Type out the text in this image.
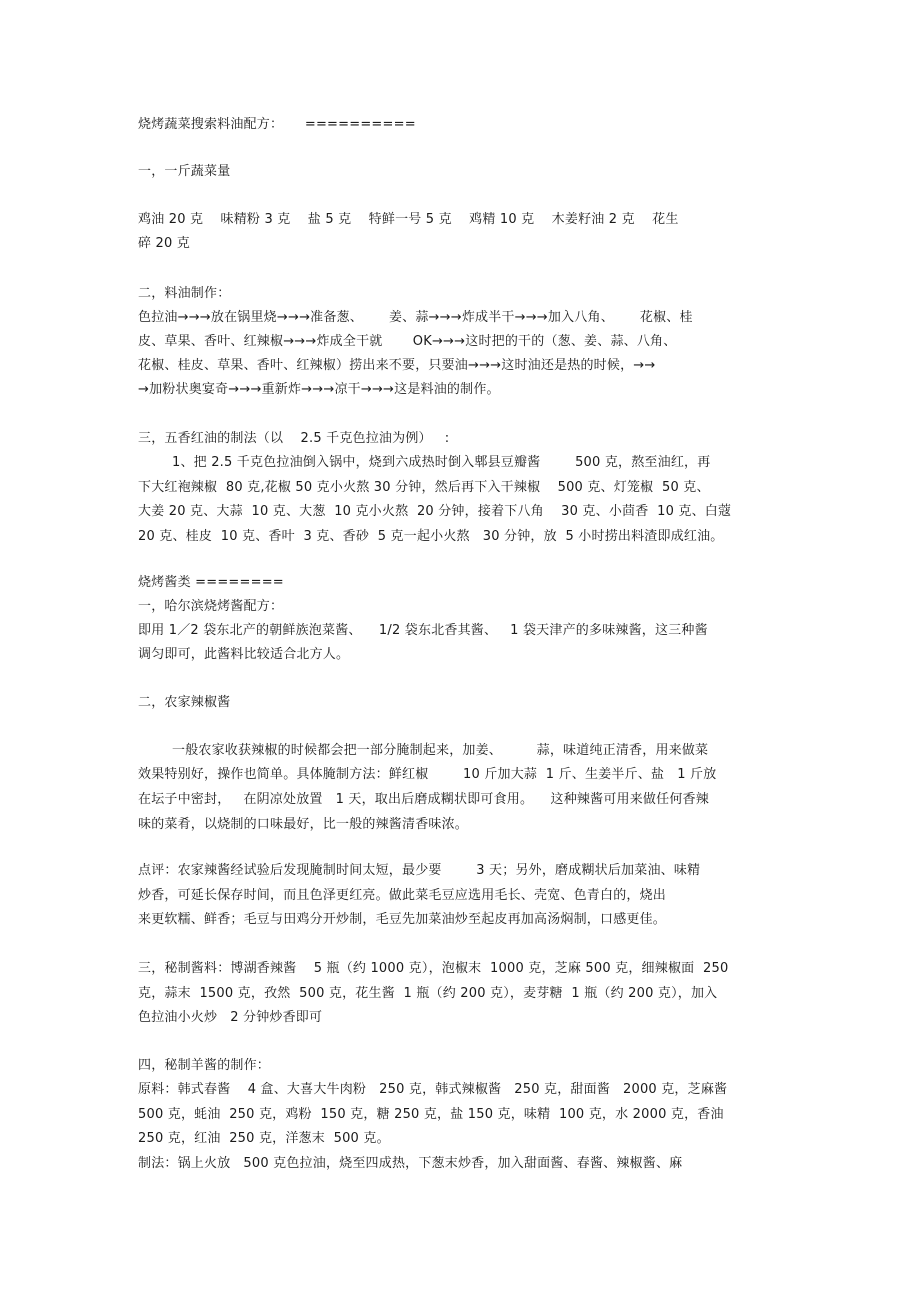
烧烤蔬菜搜索料油配方：     ==========
一，一斤蔬菜量
鸡油 20 克    味精粉 3 克    盐 5 克    特鲜一号 5 克    鸡精 10 克    木姜籽油 2 克    花生
碎 20 克
二，料油制作：
色拉油→→→放在锅里烧→→→准备葱、      姜、蒜→→→炸成半干→→→加入八角、      花椒、桂
皮、草果、香叶、红辣椒→→→炸成全干就       OK→→→这时把的干的（葱、姜、蒜、八角、
花椒、桂皮、草果、香叶、红辣椒）捞出来不要，只要油→→→这时油还是热的时候，→→
→加粉状奥宴奇→→→重新炸→→→凉干→→→这是料油的制作。
三，五香红油的制法（以    2.5 千克色拉油为例）   :
1、把 2.5 千克色拉油倒入锅中，烧到六成热时倒入郫县豆瓣酱        500 克，熬至油红，再
下大红袍辣椒  80 克,花椒 50 克小火熬 30 分钟，然后再下入干辣椒    500 克、灯笼椒  50 克、
大姜 20 克、大蒜  10 克、大葱  10 克小火熬  20 分钟，接着下八角    30 克、小茴香  10 克、白蔻
20 克、桂皮  10 克、香叶  3 克、香砂  5 克一起小火熬   30 分钟，放  5 小时捞出料渣即成红油。
烧烤酱类 ========
一，哈尔滨烧烤酱配方：
即用 1／2 袋东北产的朝鲜族泡菜酱、    1/2 袋东北香其酱、   1 袋天津产的多味辣酱，这三种酱
调匀即可，此酱料比较适合北方人。
二，农家辣椒酱
一般农家收获辣椒的时候都会把一部分腌制起来，加姜、        蒜，味道纯正清香，用来做菜
效果特别好，操作也简单。具体腌制方法：鲜红椒        10 斤加大蒜  1 斤、生姜半斤、盐   1 斤放
在坛子中密封，   在阴凉处放置   1 天，取出后磨成糊状即可食用。    这种辣酱可用来做任何香辣
味的菜肴，以烧制的口味最好，比一般的辣酱清香味浓。
点评：农家辣酱经试验后发现腌制时间太短，最少要        3 天；另外，磨成糊状后加菜油、味精
炒香，可延长保存时间，而且色泽更红亮。做此菜毛豆应选用毛长、壳宽、色青白的，烧出
来更软糯、鲜香；毛豆与田鸡分开炒制，毛豆先加菜油炒至起皮再加高汤焖制，口感更佳。
三，秘制酱料：博湖香辣酱    5 瓶（约 1000 克），泡椒末  1000 克，芝麻 500 克，细辣椒面  250
克，蒜末  1500 克，孜然  500 克，花生酱  1 瓶（约 200 克），麦芽糖  1 瓶（约 200 克），加入
色拉油小火炒   2 分钟炒香即可
四，秘制羊酱的制作：
原料：韩式春酱    4 盒、大喜大牛肉粉   250 克，韩式辣椒酱   250 克，甜面酱   2000 克，芝麻酱
500 克，蚝油  250 克，鸡粉  150 克，糖 250 克，盐 150 克，味精  100 克，水 2000 克，香油
250 克，红油  250 克，洋葱末  500 克。
制法：锅上火放   500 克色拉油，烧至四成热，下葱末炒香，加入甜面酱、春酱、辣椒酱、麻
